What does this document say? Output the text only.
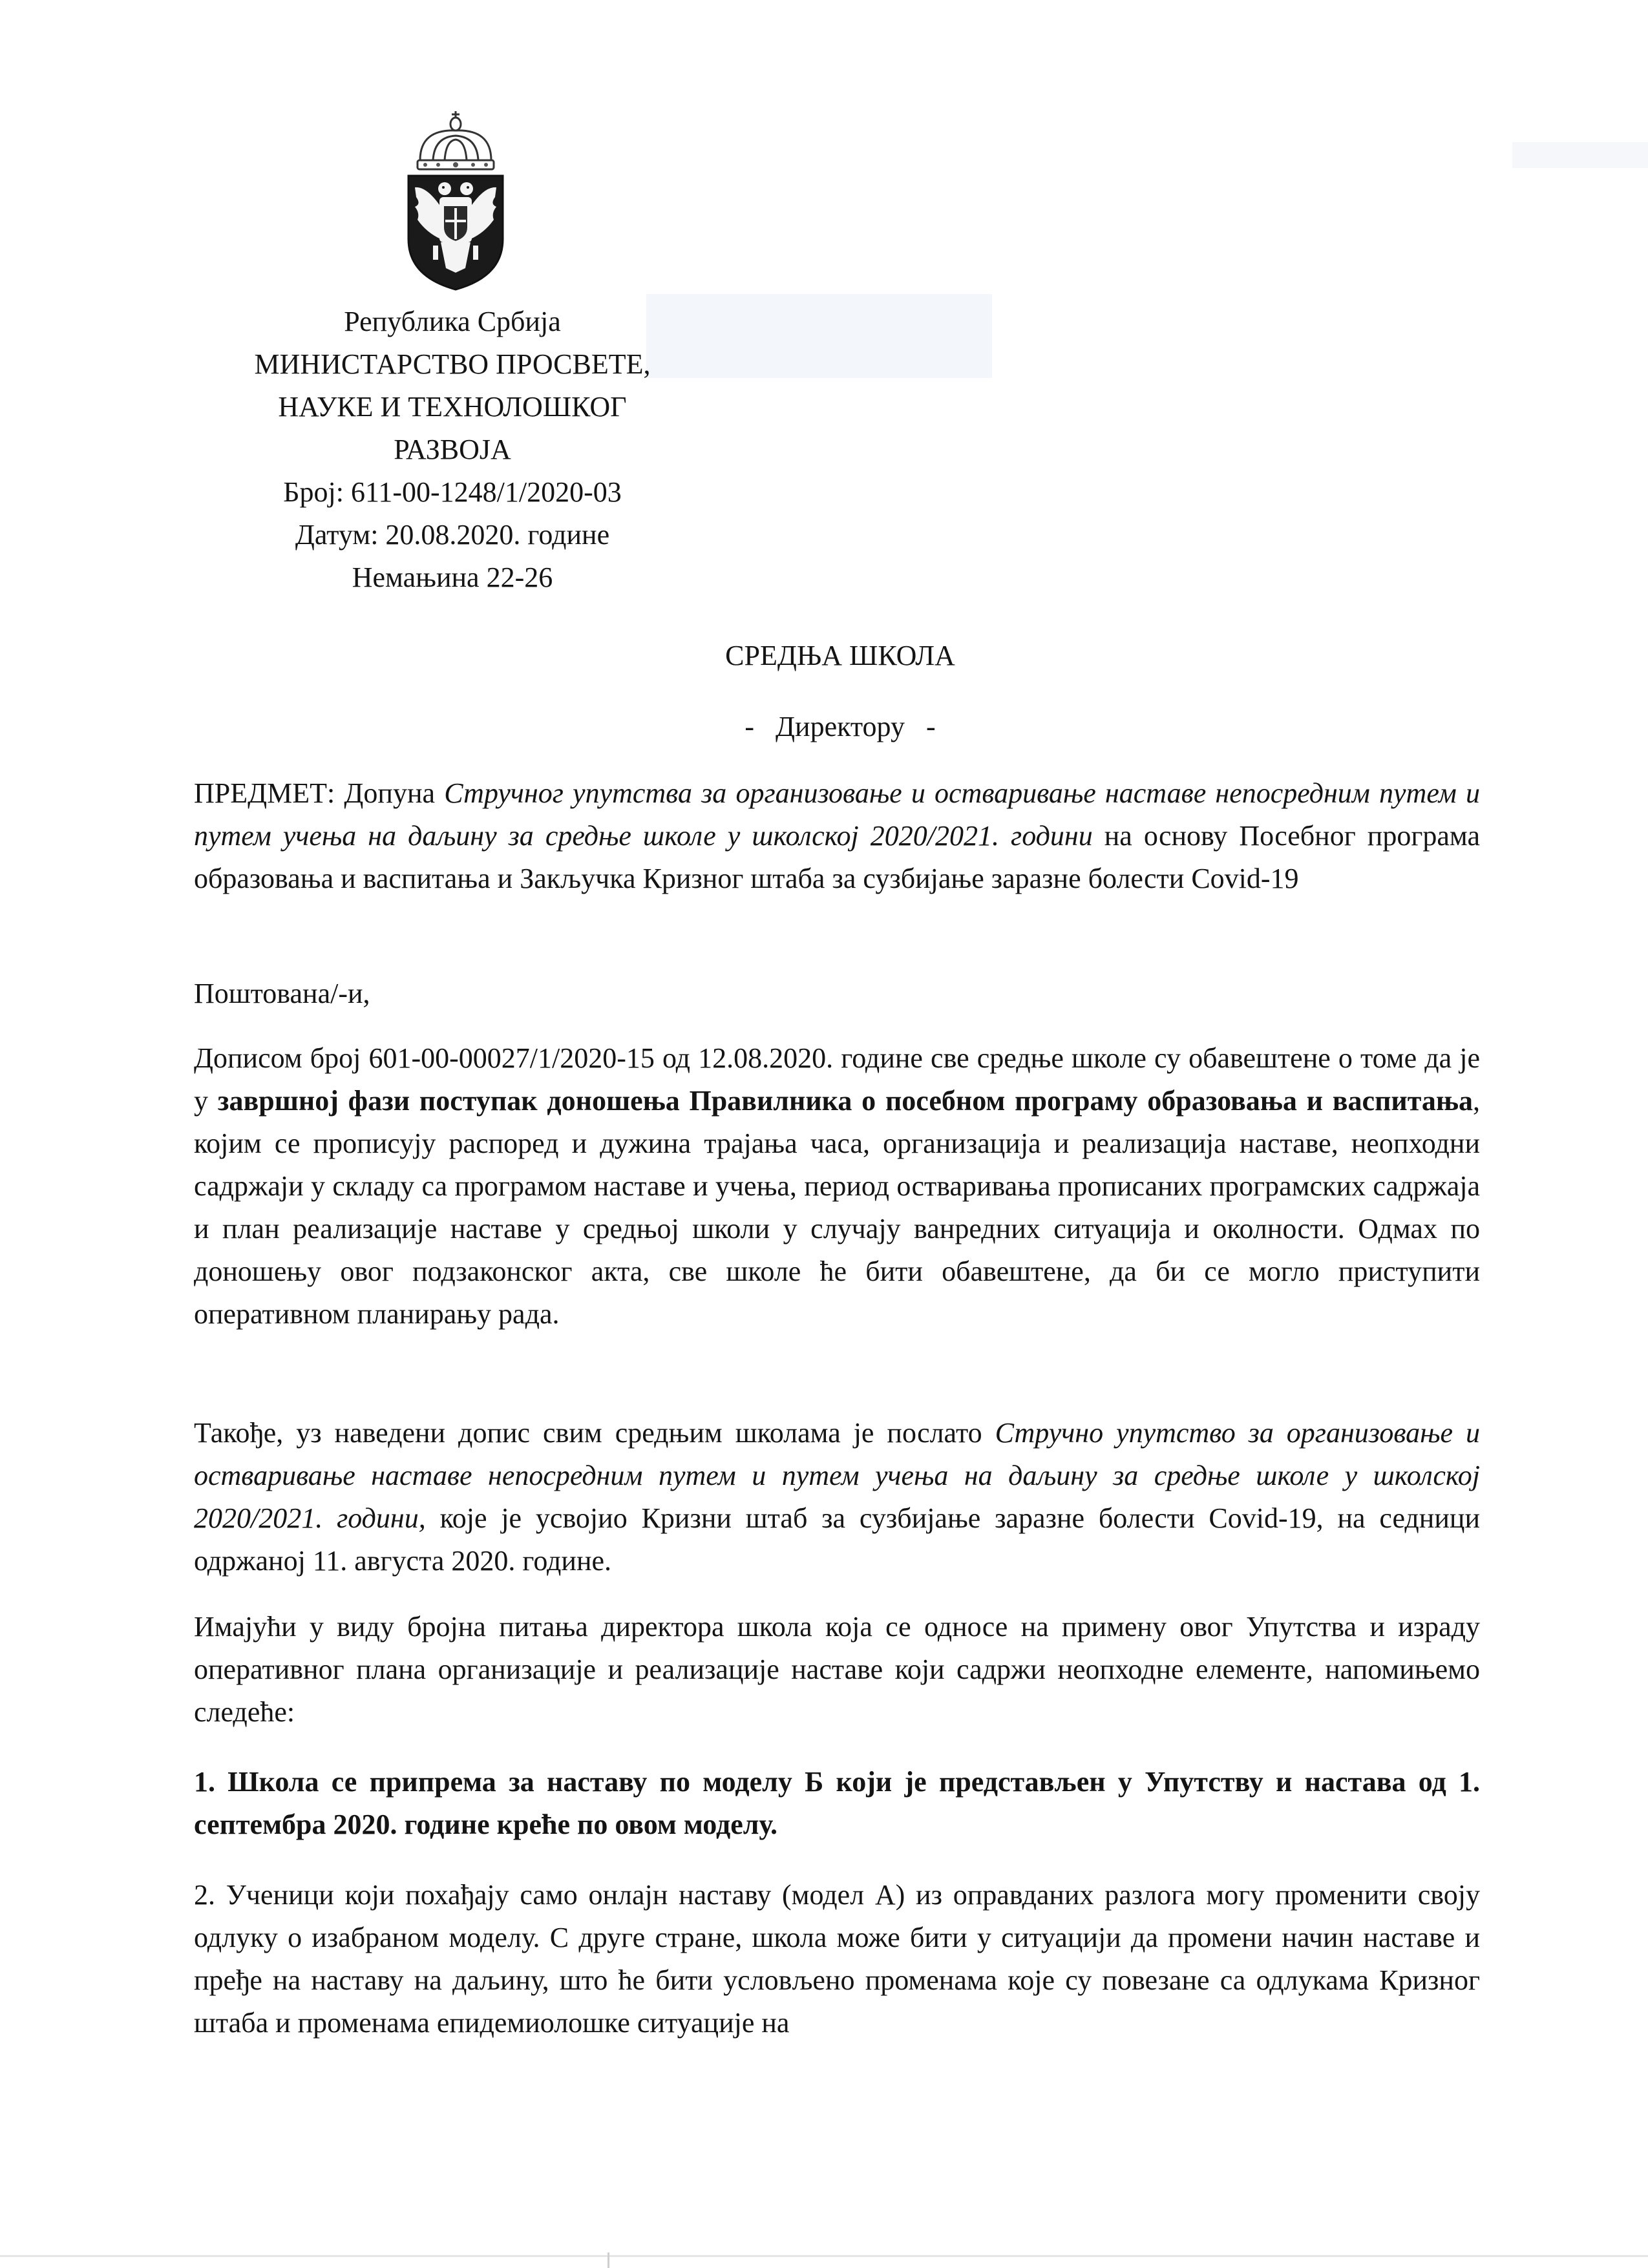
Република Србија
МИНИСТАРСТВО ПРОСВЕТЕ,
НАУКЕ И ТЕХНОЛОШКОГ
РАЗВОЈА
Број: 611-00-1248/1/2020-03
Датум: 20.08.2020. године
Немањина 22-26
СРЕДЊА ШКОЛА
-   Директору   -

ПРЕДМЕТ: Допуна Стручног упутства за организовање и остваривање наставе непосредним путем и путем учења на даљину за средње школе у школској 2020/2021. години на основу Посебног програма образовања и васпитања и Закључка Кризног штаба за сузбијање заразне болести Covid-19

Поштована/-и,

Дописом број 601-00-00027/1/2020-15 од 12.08.2020. године све средње школе су обавештене о томе да је у завршној фази поступак доношења Правилника о посебном програму образовања и васпитања, којим се прописују распоред и дужина трајања часа, организација и реализација наставе, неопходни садржаји у складу са програмом наставе и учења, период остваривања прописаних програмских садржаја и план реализације наставе у средњој школи у случају ванредних ситуација и околности. Одмах по доношењу овог подзаконског акта, све школе ће бити обавештене, да би се могло приступити оперативном планирању рада.

Такође, уз наведени допис свим средњим школама је послато Стручно упутство за организовање и остваривање наставе непосредним путем и путем учења на даљину за средње школе у школској 2020/2021. години, које је усвојио Кризни штаб за сузбијање заразне болести Covid-19, на седници одржаној 11. августа 2020. године.

Имајући у виду бројна питања директора школа која се односе на примену овог Упутства и израду оперативног плана организације и реализације наставе који садржи неопходне елементе, напомињемо следеће:

1. Школа се припрема за наставу по моделу Б који је представљен у Упутству и настава од 1. септембра 2020. године креће по овом моделу.

2. Ученици који похађају само онлајн наставу (модел А) из оправданих разлога могу променити своју одлуку о изабраном моделу. С друге стране, школа може бити у ситуацији да промени начин наставе и пређе на наставу на даљину, што ће бити условљено променама које су повезане са одлукама Кризног штаба и променама епидемиолошке ситуације на
